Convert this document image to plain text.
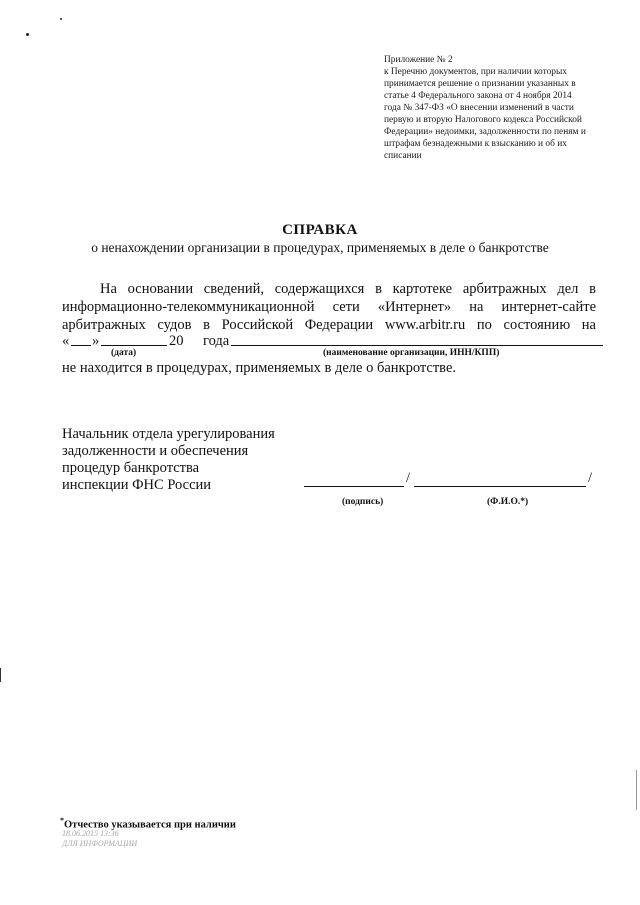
Приложение № 2
к Перечню документов, при наличии которых
принимается решение о признании указанных в
статье 4 Федерального закона от 4 ноября 2014
года № 347-ФЗ «О внесении изменений в части
первую и вторую Налогового кодекса Российской
Федерации» недоимки, задолженности по пеням и
штрафам безнадежными к взысканию и об их
списании
СПРАВКА
о ненахождении организации в процедурах, применяемых в деле о банкротстве
На основании сведений, содержащихся в картотеке арбитражных дел в
информационно-телекоммуникационной сети «Интернет» на интернет-сайте
арбитражных судов в Российской Федерации www.arbitr.ru по состоянию на
« »	20 года
(дата)	(наименование организации, ИНН/КПП)
не находится в процедурах, применяемых в деле о банкротстве.
Начальник отдела урегулирования
задолженности и обеспечения
процедур банкротства
инспекции ФНС России	/	/
(подпись)	(Ф.И.О.*)
*Отчество указывается при наличии
18.06.2015 13:36
ДЛЯ ИНФОРМАЦИИ
